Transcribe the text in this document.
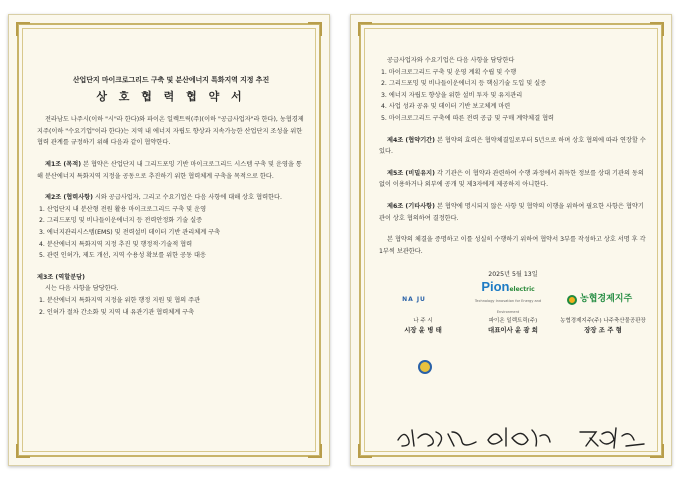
산업단지 마이크로그리드 구축 및 분산에너지 특화지역 지정 추진
상 호 협 력 협 약 서

전라남도 나주시(이하 "시"라 한다)와 파이온 일렉트릭(주)(이하 "공급사업자"라 한다), 농협경제지주(이하 "수요기업"이라 한다)는 지역 내 에너지 자립도 향상과 지속가능한 산업단지 조성을 위한 협력 관계를 규정하기 위해 다음과 같이 협약한다.

제1조 (목적) 본 협약은 산업단지 내 그리드포밍 기반 마이크로그리드 시스템 구축 및 운영을 통해 분산에너지 특화지역 지정을 공동으로 추진하기 위한 협력체계 구축을 목적으로 한다.

제2조 (협력사항) 시와 공급사업자, 그리고 수요기업은 다음 사항에 대해 상호 협력한다.

1. 산업단지 내 분산형 전원 활용 마이크로그리드 구축 및 운영
2. 그리드포밍 및 비나들이운에너지 등 전력안정화 기술 실증
3. 에너지관리시스템(EMS) 및 전력설비 데이터 기반 관리체계 구축
4. 분산에너지 특화지역 지정 추진 및 행정적·기술적 협력
5. 관련 인허가, 제도 개선, 지역 수용성 확보를 위한 공동 대응
제3조 (역할분담)

시는 다음 사항을 담당한다.

1. 분산에너지 특화지역 지정을 위한 행정 지원 및 협의 주관
2. 인허가 절차 간소화 및 지역 내 유관기관 협력체계 구축

공급사업자와 수요기업은 다음 사항을 담당한다

1. 마이크로그리드 구축 및 운영 계획 수립 및 수행
2. 그리드포밍 및 비나들이운에너지 등 핵심기술 도입 및 실증
3. 에너지 자립도 향상을 위한 설비 투자 및 유지관리
4. 사업 성과 공유 및 데이터 기반 보고체계 마련
5. 마이크로그리드 구축에 따른 전력 공급 및 구매 계약체결 협력

제4조 (협약기간) 본 협약의 효력은 협약체결일로부터 5년으로 하며 상호 협의에 따라 연장할 수 있다.

제5조 (비밀유지) 각 기관은 이 협약과 관련하여 수행 과정에서 취득한 정보를 상대 기관의 동의 없이 이용하거나 외부에 공개 및 제3자에게 제공하지 아니한다.

제6조 (기타사항) 본 협약에 명시되지 않은 사항 및 협약의 이행을 위하여 필요한 사항은 협약기관이 상호 협의하여 결정한다.

본 협약의 체결을 증명하고 이를 성실히 수행하기 위하여 협약서 3부를 작성하고 상호 서명 후 각 1부씩 보관한다.

2025년 5월 13일
NA JU
Pionelectric
Technology Innovation for Energy and Environment
농협경제지주
나 주 시
시장 윤 병 태
파이온 일렉트릭(주)
대표이사 윤 광 희
농협경제지주(주) 나주축산물공판장
장장 조 주 형
